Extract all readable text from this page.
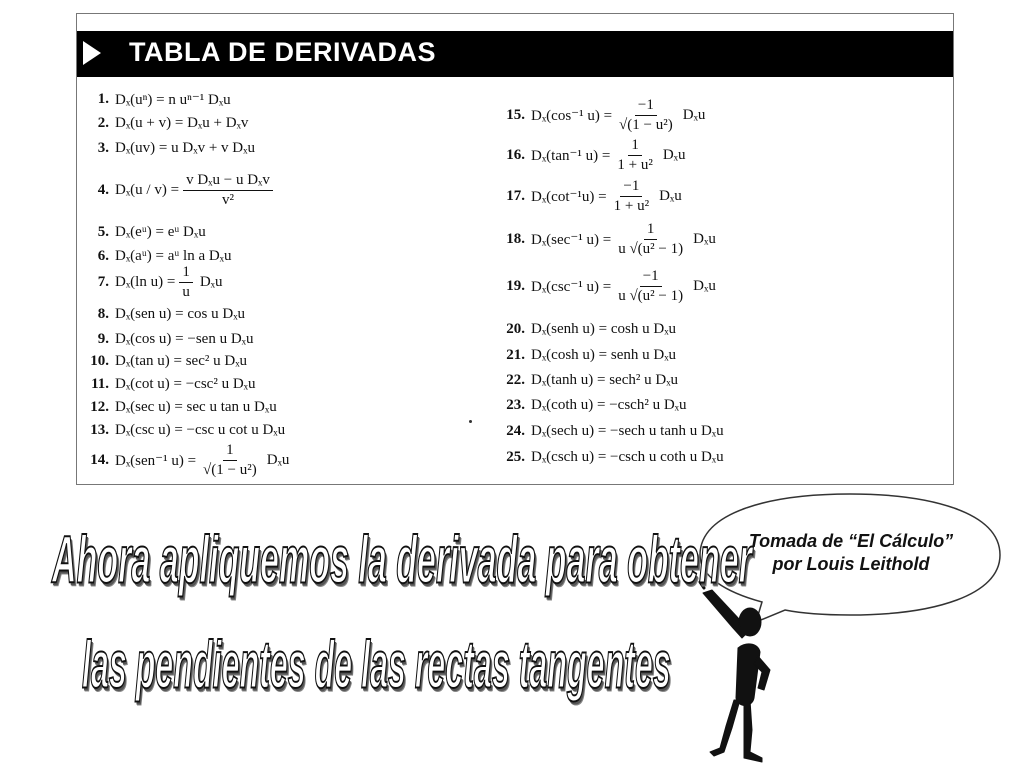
TABLA DE DERIVADAS
1. Dₓ(uⁿ) = n uⁿ⁻¹ Dₓu
2. Dₓ(u + v) = Dₓu + Dₓv
3. Dₓ(uv) = u Dₓv + v Dₓu
4. $D_x(u / v) = \frac{\text{v Dₓu − u Dₓv}}{\text{v²}}$
5. Dₓ(eᵘ) = eᵘ Dₓu
6. Dₓ(aᵘ) = aᵘ ln a Dₓu
7. Dₓ(ln $u) = \frac{1}{u}$ Dₓu
8. Dₓ(sen u) = cos u Dₓu
9. Dₓ(cos u) = −sen u Dₓu
10. Dₓ(tan u) = sec² u Dₓu
11. Dₓ(cot u) = −csc² u Dₓu
12. Dₓ(sec u) = sec u tan u Dₓu
13. Dₓ(csc u) = −csc u cot u Dₓu
14. Dₓ(sen⁻¹ $u) = \frac{1}{\text{√(1 − u²)}}$ Dₓu
15. Dₓ(cos⁻¹ $u) = \frac{-1}{\text{√(1 − u²)}}$ Dₓu
16. Dₓ(tan⁻¹ $u) = \frac{1}{\text{1 + u²}}$ Dₓu
17. $D_x(\cot^{-1}u) = \frac{-1}{\text{1 + u²}}$ Dₓu
18. Dₓ(sec⁻¹ $u) = \frac{1}{\text{u √(u² − 1)}}$ Dₓu
19. Dₓ(csc⁻¹ $u) = \frac{-1}{\text{u √(u² − 1)}}$ Dₓu
20. Dₓ(senh u) = cosh u Dₓu
21. Dₓ(cosh u) = senh u Dₓu
22. Dₓ(tanh u) = sech² u Dₓu
23. Dₓ(coth u) = −csch² u Dₓu
24. Dₓ(sech u) = −sech u tanh u Dₓu
25. Dₓ(csch u) = −csch u coth u Dₓu
Tomada de “El Cálculo”
por Louis Leithold
Ahora apliquemos la derivada para obtener
las pendientes de las rectas tangentes
